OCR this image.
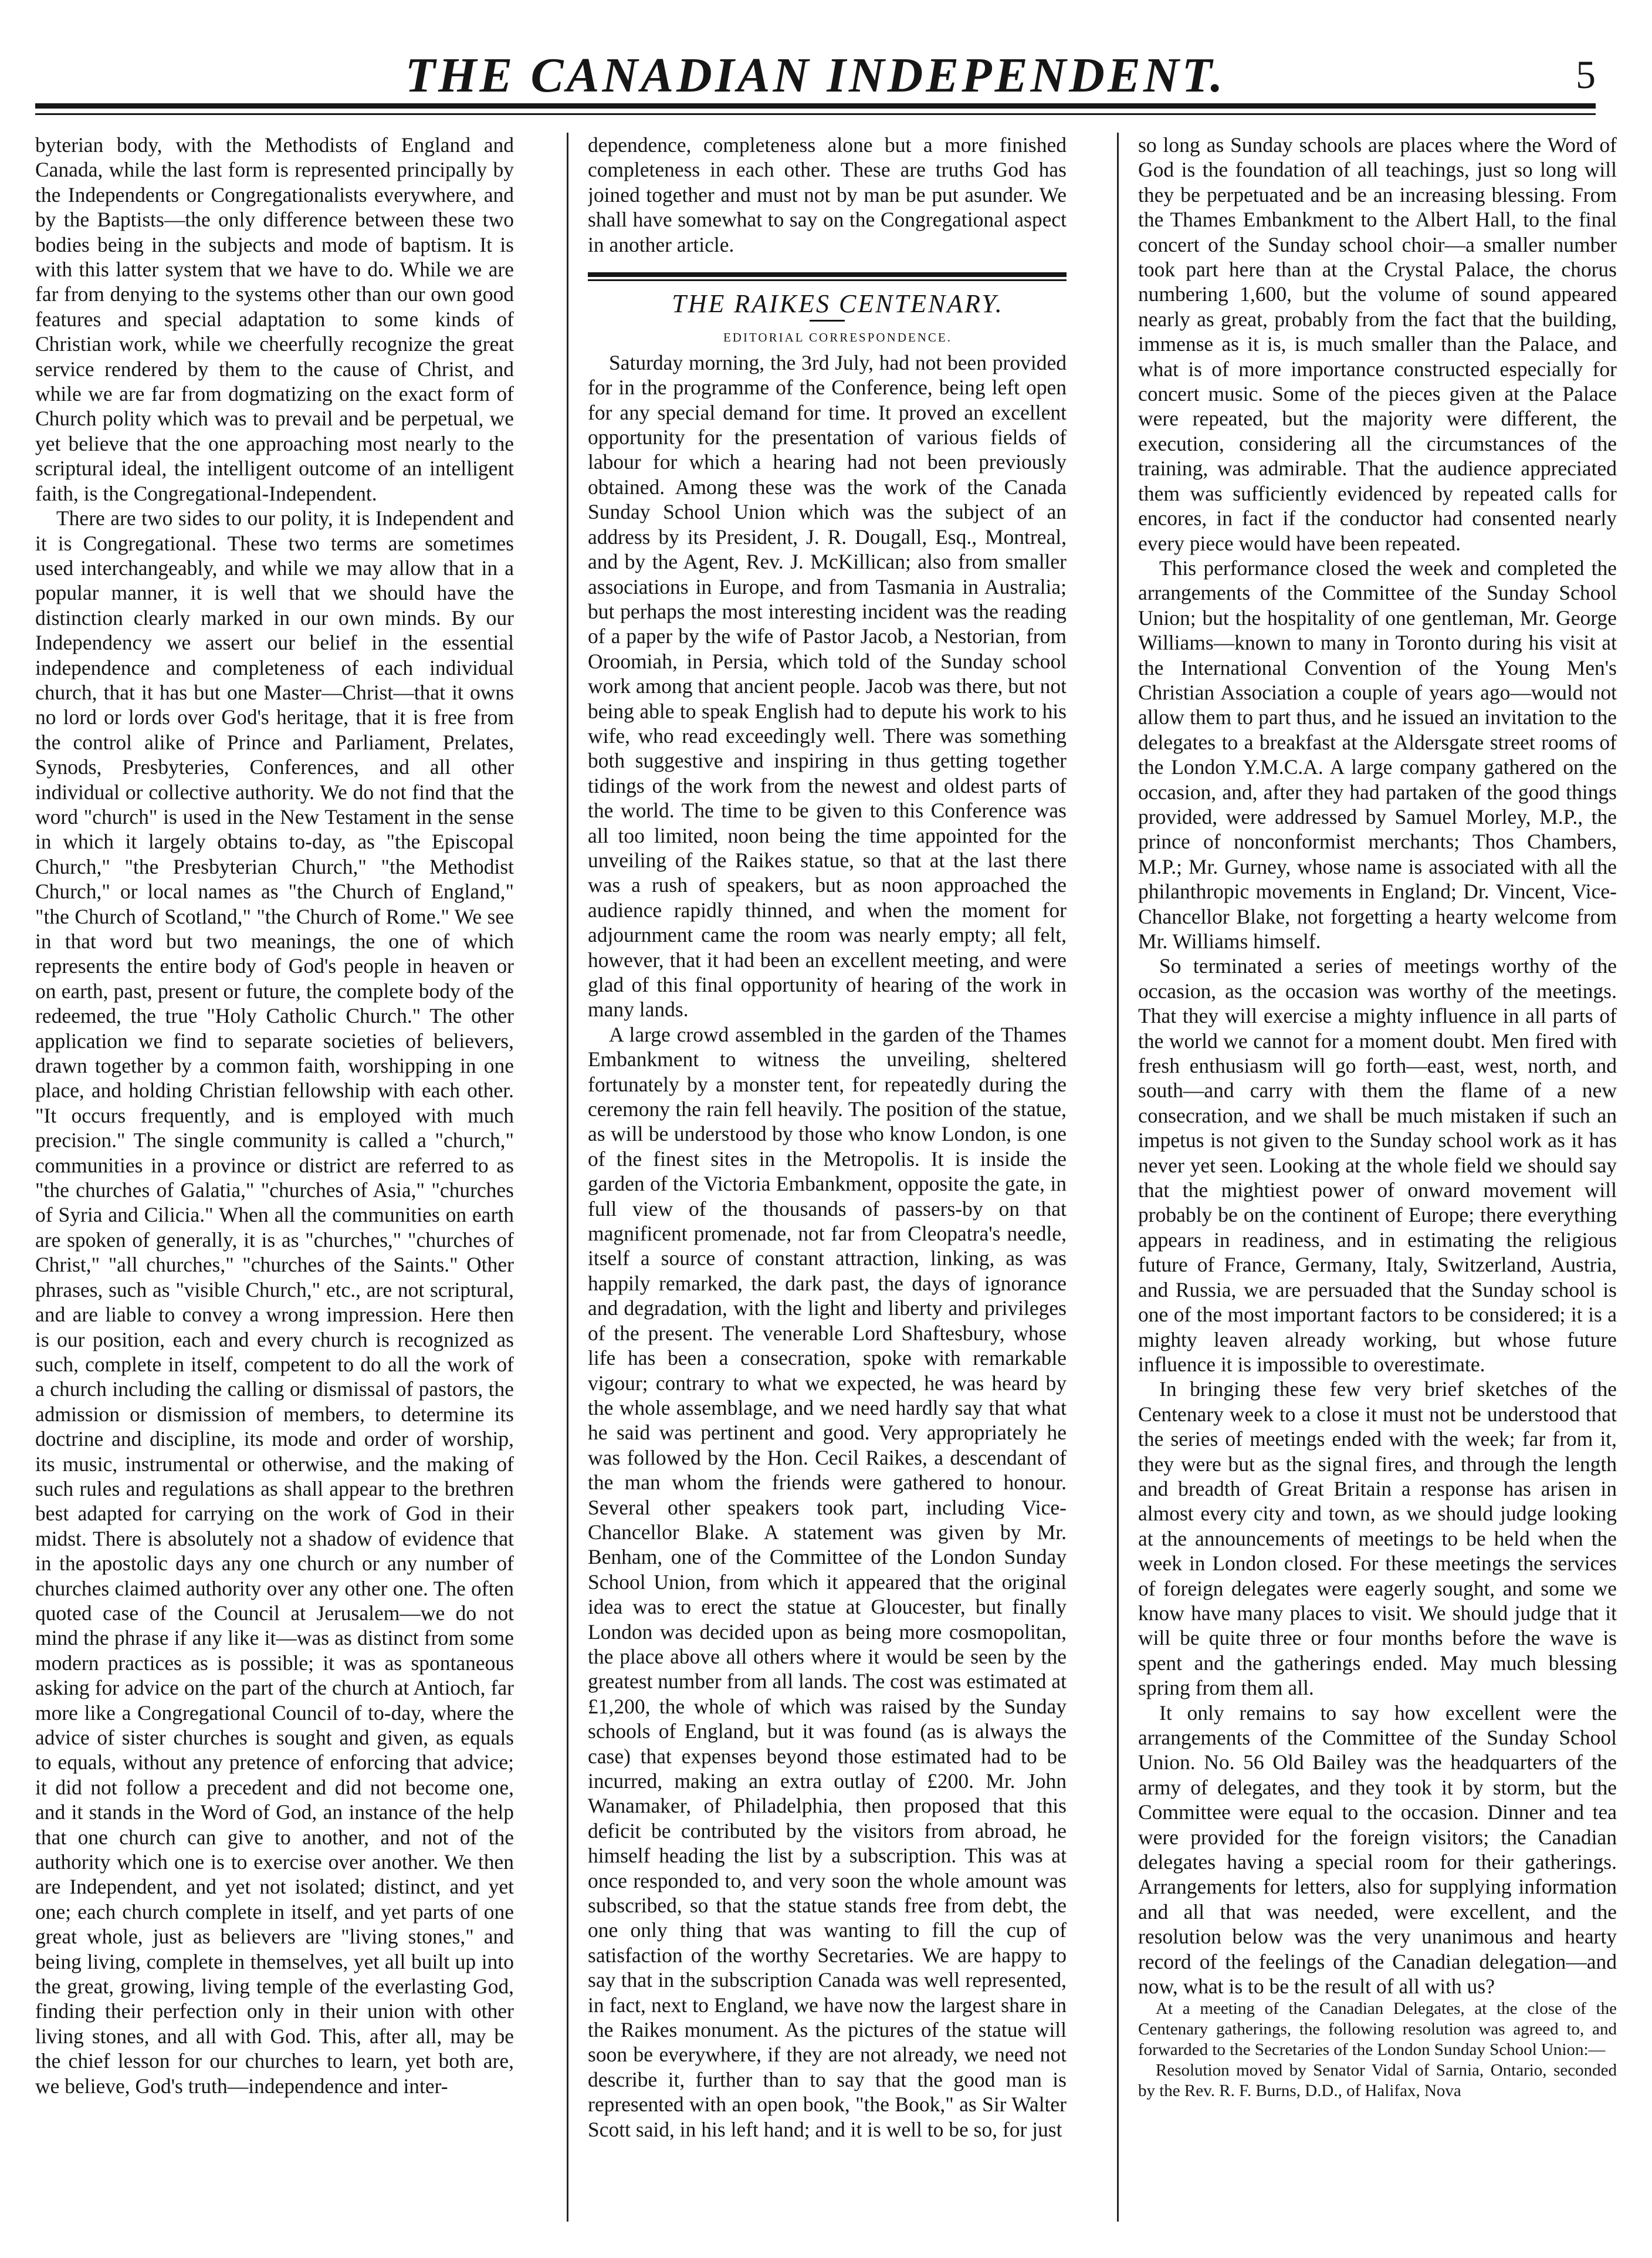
THE CANADIAN INDEPENDENT.	5

byterian body, with the Methodists of England and Canada, while the last form is represented principally by the Independents or Congregationalists everywhere, and by the Baptists—the only difference between these two bodies being in the subjects and mode of baptism. It is with this latter system that we have to do. While we are far from denying to the systems other than our own good features and special adaptation to some kinds of Christian work, while we cheerfully recognize the great service rendered by them to the cause of Christ, and while we are far from dogmatizing on the exact form of Church polity which was to prevail and be perpetual, we yet believe that the one approaching most nearly to the scriptural ideal, the intelligent outcome of an intelligent faith, is the Congregational-Independent.

There are two sides to our polity, it is Independent and it is Congregational. These two terms are sometimes used interchangeably, and while we may allow that in a popular manner, it is well that we should have the distinction clearly marked in our own minds. By our Independency we assert our belief in the essential independence and completeness of each individual church, that it has but one Master—Christ—that it owns no lord or lords over God's heritage, that it is free from the control alike of Prince and Parliament, Prelates, Synods, Presbyteries, Conferences, and all other individual or collective authority. We do not find that the word "church" is used in the New Testament in the sense in which it largely obtains to-day, as "the Episcopal Church," "the Presbyterian Church," "the Methodist Church," or local names as "the Church of England," "the Church of Scotland," "the Church of Rome." We see in that word but two meanings, the one of which represents the entire body of God's people in heaven or on earth, past, present or future, the complete body of the redeemed, the true "Holy Catholic Church." The other application we find to separate societies of believers, drawn together by a common faith, worshipping in one place, and holding Christian fellowship with each other. "It occurs frequently, and is employed with much precision." The single community is called a "church," communities in a province or district are referred to as "the churches of Galatia," "churches of Asia," "churches of Syria and Cilicia." When all the communities on earth are spoken of generally, it is as "churches," "churches of Christ," "all churches," "churches of the Saints." Other phrases, such as "visible Church," etc., are not scriptural, and are liable to convey a wrong impression. Here then is our position, each and every church is recognized as such, complete in itself, competent to do all the work of a church including the calling or dismissal of pastors, the admission or dismission of members, to determine its doctrine and discipline, its mode and order of worship, its music, instrumental or otherwise, and the making of such rules and regulations as shall appear to the brethren best adapted for carrying on the work of God in their midst. There is absolutely not a shadow of evidence that in the apostolic days any one church or any number of churches claimed authority over any other one. The often quoted case of the Council at Jerusalem—we do not mind the phrase if any like it—was as distinct from some modern practices as is possible; it was as spontaneous asking for advice on the part of the church at Antioch, far more like a Congregational Council of to-day, where the advice of sister churches is sought and given, as equals to equals, without any pretence of enforcing that advice; it did not follow a precedent and did not become one, and it stands in the Word of God, an instance of the help that one church can give to another, and not of the authority which one is to exercise over another. We then are Independent, and yet not isolated; distinct, and yet one; each church complete in itself, and yet parts of one great whole, just as believers are "living stones," and being living, complete in themselves, yet all built up into the great, growing, living temple of the everlasting God, finding their perfection only in their union with other living stones, and all with God. This, after all, may be the chief lesson for our churches to learn, yet both are, we believe, God's truth—independence and inter-

dependence, completeness alone but a more finished completeness in each other. These are truths God has joined together and must not by man be put asunder. We shall have somewhat to say on the Congregational aspect in another article.

THE RAIKES CENTENARY.

EDITORIAL CORRESPONDENCE.

Saturday morning, the 3rd July, had not been provided for in the programme of the Conference, being left open for any special demand for time. It proved an excellent opportunity for the presentation of various fields of labour for which a hearing had not been previously obtained. Among these was the work of the Canada Sunday School Union which was the subject of an address by its President, J. R. Dougall, Esq., Montreal, and by the Agent, Rev. J. McKillican; also from smaller associations in Europe, and from Tasmania in Australia; but perhaps the most interesting incident was the reading of a paper by the wife of Pastor Jacob, a Nestorian, from Oroomiah, in Persia, which told of the Sunday school work among that ancient people. Jacob was there, but not being able to speak English had to depute his work to his wife, who read exceedingly well. There was something both suggestive and inspiring in thus getting together tidings of the work from the newest and oldest parts of the world. The time to be given to this Conference was all too limited, noon being the time appointed for the unveiling of the Raikes statue, so that at the last there was a rush of speakers, but as noon approached the audience rapidly thinned, and when the moment for adjournment came the room was nearly empty; all felt, however, that it had been an excellent meeting, and were glad of this final opportunity of hearing of the work in many lands.

A large crowd assembled in the garden of the Thames Embankment to witness the unveiling, sheltered fortunately by a monster tent, for repeatedly during the ceremony the rain fell heavily. The position of the statue, as will be understood by those who know London, is one of the finest sites in the Metropolis. It is inside the garden of the Victoria Embankment, opposite the gate, in full view of the thousands of passers-by on that magnificent promenade, not far from Cleopatra's needle, itself a source of constant attraction, linking, as was happily remarked, the dark past, the days of ignorance and degradation, with the light and liberty and privileges of the present. The venerable Lord Shaftesbury, whose life has been a consecration, spoke with remarkable vigour; contrary to what we expected, he was heard by the whole assemblage, and we need hardly say that what he said was pertinent and good. Very appropriately he was followed by the Hon. Cecil Raikes, a descendant of the man whom the friends were gathered to honour. Several other speakers took part, including Vice-Chancellor Blake. A statement was given by Mr. Benham, one of the Committee of the London Sunday School Union, from which it appeared that the original idea was to erect the statue at Gloucester, but finally London was decided upon as being more cosmopolitan, the place above all others where it would be seen by the greatest number from all lands. The cost was estimated at £1,200, the whole of which was raised by the Sunday schools of England, but it was found (as is always the case) that expenses beyond those estimated had to be incurred, making an extra outlay of £200. Mr. John Wanamaker, of Philadelphia, then proposed that this deficit be contributed by the visitors from abroad, he himself heading the list by a subscription. This was at once responded to, and very soon the whole amount was subscribed, so that the statue stands free from debt, the one only thing that was wanting to fill the cup of satisfaction of the worthy Secretaries. We are happy to say that in the subscription Canada was well represented, in fact, next to England, we have now the largest share in the Raikes monument. As the pictures of the statue will soon be everywhere, if they are not already, we need not describe it, further than to say that the good man is represented with an open book, "the Book," as Sir Walter Scott said, in his left hand; and it is well to be so, for just

so long as Sunday schools are places where the Word of God is the foundation of all teachings, just so long will they be perpetuated and be an increasing blessing. From the Thames Embankment to the Albert Hall, to the final concert of the Sunday school choir—a smaller number took part here than at the Crystal Palace, the chorus numbering 1,600, but the volume of sound appeared nearly as great, probably from the fact that the building, immense as it is, is much smaller than the Palace, and what is of more importance constructed especially for concert music. Some of the pieces given at the Palace were repeated, but the majority were different, the execution, considering all the circumstances of the training, was admirable. That the audience appreciated them was sufficiently evidenced by repeated calls for encores, in fact if the conductor had consented nearly every piece would have been repeated.

This performance closed the week and completed the arrangements of the Committee of the Sunday School Union; but the hospitality of one gentleman, Mr. George Williams—known to many in Toronto during his visit at the International Convention of the Young Men's Christian Association a couple of years ago—would not allow them to part thus, and he issued an invitation to the delegates to a breakfast at the Aldersgate street rooms of the London Y.M.C.A. A large company gathered on the occasion, and, after they had partaken of the good things provided, were addressed by Samuel Morley, M.P., the prince of nonconformist merchants; Thos Chambers, M.P.; Mr. Gurney, whose name is associated with all the philanthropic movements in England; Dr. Vincent, Vice-Chancellor Blake, not forgetting a hearty welcome from Mr. Williams himself.

So terminated a series of meetings worthy of the occasion, as the occasion was worthy of the meetings. That they will exercise a mighty influence in all parts of the world we cannot for a moment doubt. Men fired with fresh enthusiasm will go forth—east, west, north, and south—and carry with them the flame of a new consecration, and we shall be much mistaken if such an impetus is not given to the Sunday school work as it has never yet seen. Looking at the whole field we should say that the mightiest power of onward movement will probably be on the continent of Europe; there everything appears in readiness, and in estimating the religious future of France, Germany, Italy, Switzerland, Austria, and Russia, we are persuaded that the Sunday school is one of the most important factors to be considered; it is a mighty leaven already working, but whose future influence it is impossible to overestimate.

In bringing these few very brief sketches of the Centenary week to a close it must not be understood that the series of meetings ended with the week; far from it, they were but as the signal fires, and through the length and breadth of Great Britain a response has arisen in almost every city and town, as we should judge looking at the announcements of meetings to be held when the week in London closed. For these meetings the services of foreign delegates were eagerly sought, and some we know have many places to visit. We should judge that it will be quite three or four months before the wave is spent and the gatherings ended. May much blessing spring from them all.

It only remains to say how excellent were the arrangements of the Committee of the Sunday School Union. No. 56 Old Bailey was the headquarters of the army of delegates, and they took it by storm, but the Committee were equal to the occasion. Dinner and tea were provided for the foreign visitors; the Canadian delegates having a special room for their gatherings. Arrangements for letters, also for supplying information and all that was needed, were excellent, and the resolution below was the very unanimous and hearty record of the feelings of the Canadian delegation—and now, what is to be the result of all with us?

At a meeting of the Canadian Delegates, at the close of the Centenary gatherings, the following resolution was agreed to, and forwarded to the Secretaries of the London Sunday School Union:—

Resolution moved by Senator Vidal of Sarnia, Ontario, seconded by the Rev. R. F. Burns, D.D., of Halifax, Nova
